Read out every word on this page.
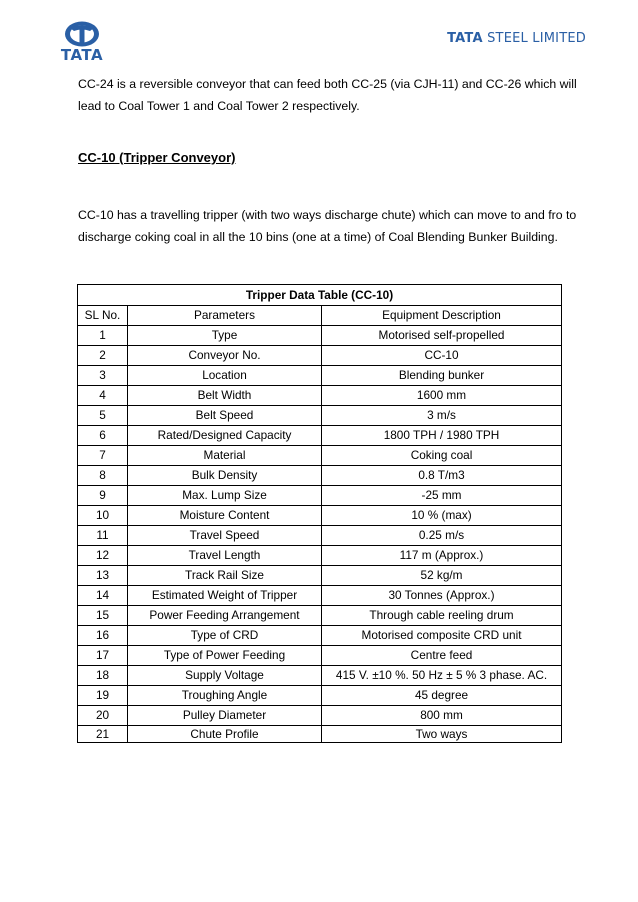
TATA
TATA STEEL LIMITED
CC-24 is a reversible conveyor that can feed both CC-25 (via CJH-11) and CC-26 which will lead to Coal Tower 1 and Coal Tower 2 respectively.
CC-10 (Tripper Conveyor)
CC-10 has a travelling tripper (with two ways discharge chute) which can move to and fro to discharge coking coal in all the 10 bins (one at a time) of Coal Blending Bunker Building.
Tripper Data Table (CC-10)		
SL No.	Parameters	Equipment Description
1	Type	Motorised self-propelled
2	Conveyor No.	CC-10
3	Location	Blending bunker
4	Belt Width	1600 mm
5	Belt Speed	3 m/s
6	Rated/Designed Capacity	1800 TPH / 1980 TPH
7	Material	Coking coal
8	Bulk Density	0.8 T/m3
9	Max. Lump Size	-25 mm
10	Moisture Content	10 % (max)
11	Travel Speed	0.25 m/s
12	Travel Length	117 m (Approx.)
13	Track Rail Size	52 kg/m
14	Estimated Weight of Tripper	30 Tonnes (Approx.)
15	Power Feeding Arrangement	Through cable reeling drum
16	Type of CRD	Motorised composite CRD unit
17	Type of Power Feeding	Centre feed
18	Supply Voltage	415 V. ±10 %. 50 Hz ± 5 % 3 phase. AC.
19	Troughing Angle	45 degree
20	Pulley Diameter	800 mm
21	Chute Profile	Two ways
